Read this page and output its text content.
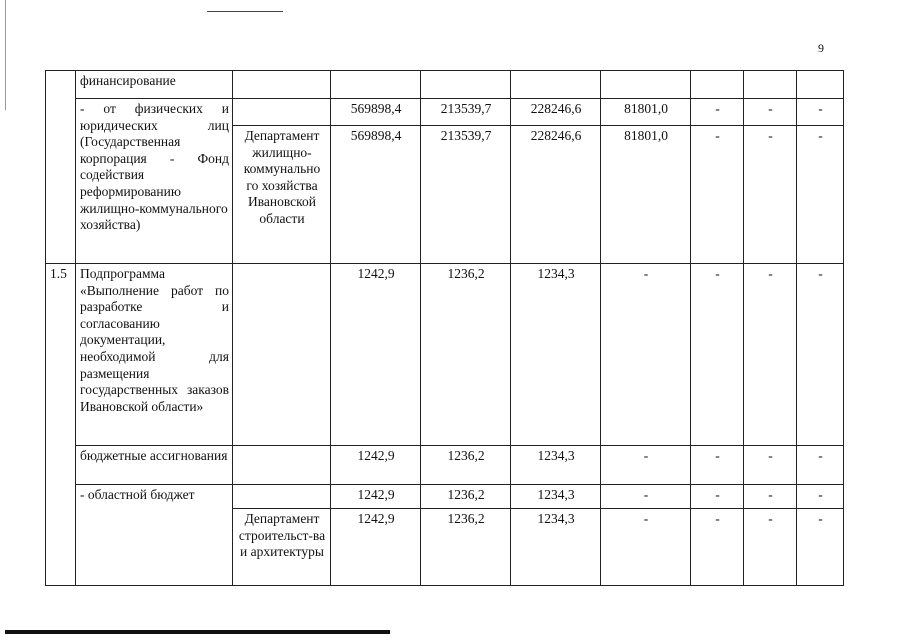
9
	финансирование								
	- от физических и юридических лиц (Государственная корпорация - Фонд содействия реформированию жилищно-коммунального хозяйства)		569898,4	213539,7	228246,6	81801,0	-	-	-
		Департамент жилищно-коммунально го хозяйства Ивановской области	569898,4	213539,7	228246,6	81801,0	-	-	-
1.5	Подпрограмма «Выполнение работ по разработке и согласованию документации, необходимой для размещения государственных заказов Ивановской области»		1242,9	1236,2	1234,3	-	-	-	-
	бюджетные ассигнования		1242,9	1236,2	1234,3	-	-	-	-
	- областной бюджет		1242,9	1236,2	1234,3	-	-	-	-
		Департамент строительст-ва и архитектуры	1242,9	1236,2	1234,3	-	-	-	-
